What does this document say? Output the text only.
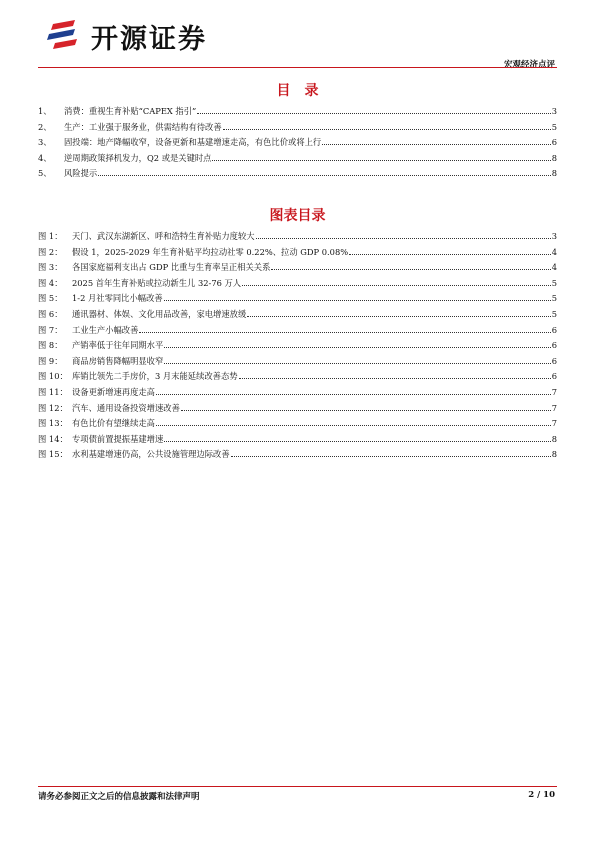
开源证券
宏观经济点评
目　录
1、	消费：重视生育补贴“CAPEX 指引”	3
2、	生产：工业强于服务业，供需结构有待改善	5
3、	固投端：地产降幅收窄，设备更新和基建增速走高，有色比价或将上行	6
4、	逆周期政策择机发力，Q2 或是关键时点	8
5、	风险提示	8
图表目录
图 1：	天门、武汉东湖新区、呼和浩特生育补贴力度较大	3
图 2：	假设 1，2025-2029 年生育补贴平均拉动社零 0.22%、拉动 GDP 0.08%	4
图 3：	各国家庭福利支出占 GDP 比重与生育率呈正相关关系	4
图 4：	2025 首年生育补贴或拉动新生儿 32-76 万人	5
图 5：	1-2 月社零同比小幅改善	5
图 6：	通讯器材、体娱、文化用品改善，家电增速放缓	5
图 7：	工业生产小幅改善	6
图 8：	产销率低于往年同期水平	6
图 9：	商品房销售降幅明显收窄	6
图 10： 库销比领先二手房价，3 月末能延续改善态势	6
图 11： 设备更新增速再度走高	7
图 12： 汽车、通用设备投资增速改善	7
图 13： 有色比价有望继续走高	7
图 14： 专项债前置提振基建增速	8
图 15： 水利基建增速仍高，公共设施管理边际改善	8
请务必参阅正文之后的信息披露和法律声明	2 / 10
